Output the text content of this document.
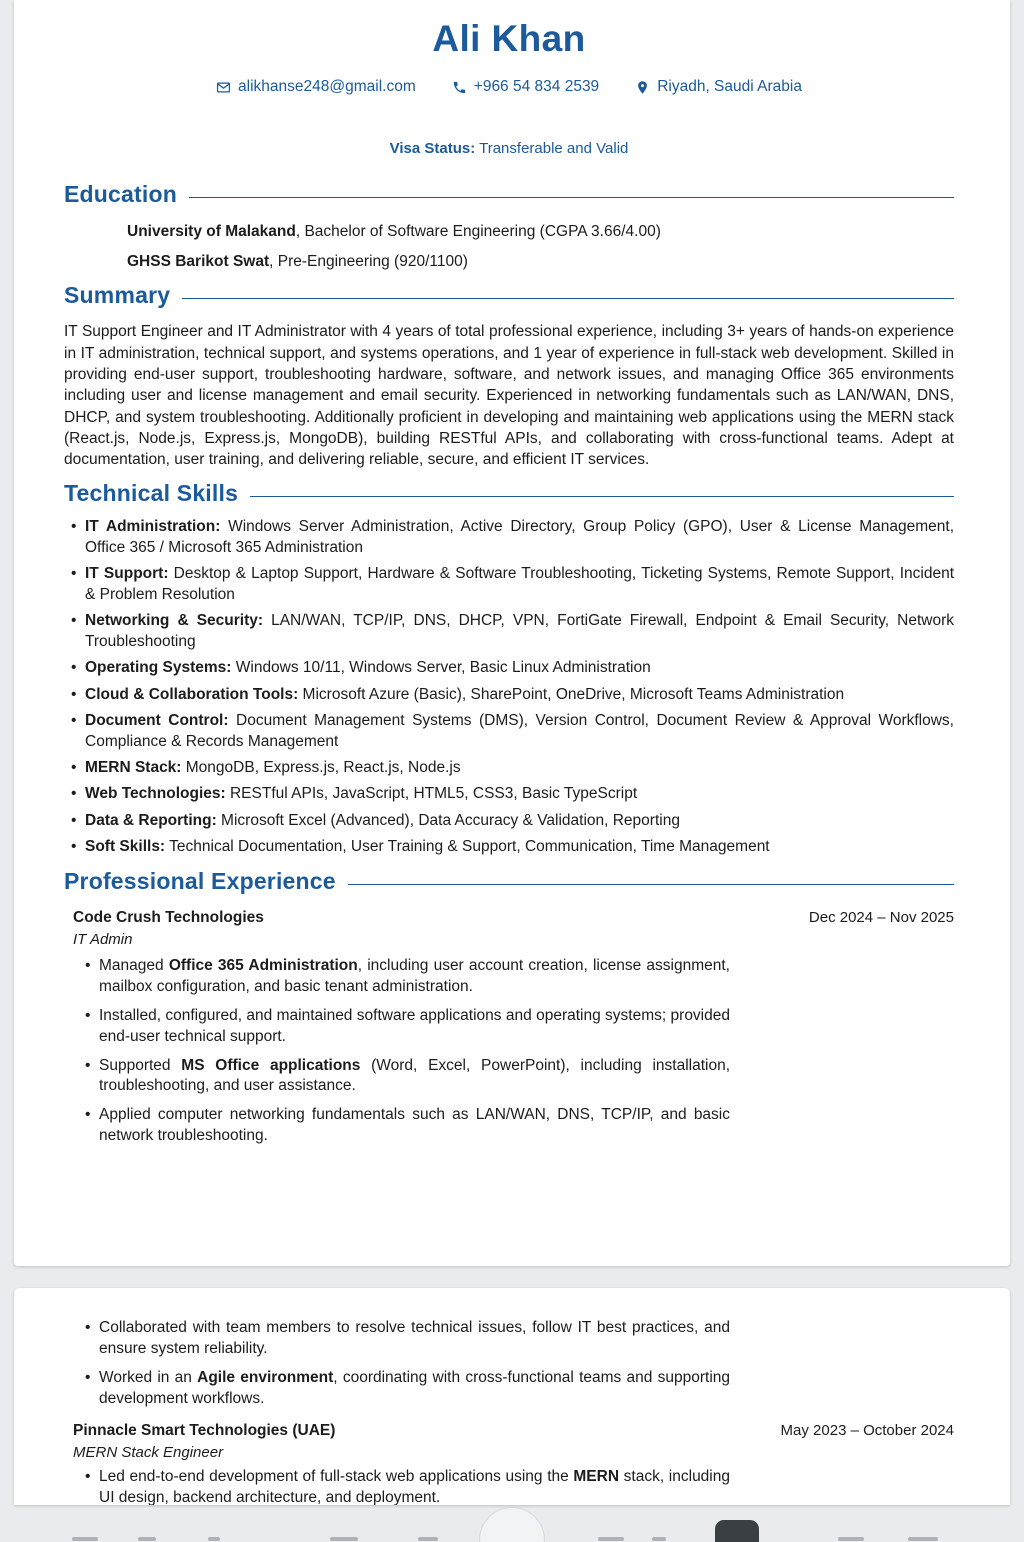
Ali Khan
alikhanse248@gmail.com	+966 54 834 2539	Riyadh, Saudi Arabia
Visa Status: Transferable and Valid
Education
University of Malakand, Bachelor of Software Engineering (CGPA 3.66/4.00)
GHSS Barikot Swat, Pre-Engineering (920/1100)
Summary

IT Support Engineer and IT Administrator with 4 years of total professional experience, including 3+ years of hands-on experience in IT administration, technical support, and systems operations, and 1 year of experience in full-stack web development. Skilled in providing end-user support, troubleshooting hardware, software, and network issues, and managing Office 365 environments including user and license management and email security. Experienced in networking fundamentals such as LAN/WAN, DNS, DHCP, and system troubleshooting. Additionally proficient in developing and maintaining web applications using the MERN stack (React.js, Node.js, Express.js, MongoDB), building RESTful APIs, and collaborating with cross-functional teams. Adept at documentation, user training, and delivering reliable, secure, and efficient IT services.

Technical Skills
• IT Administration: Windows Server Administration, Active Directory, Group Policy (GPO), User & License Management, Office 365 / Microsoft 365 Administration
• IT Support: Desktop & Laptop Support, Hardware & Software Troubleshooting, Ticketing Systems, Remote Support, Incident & Problem Resolution
• Networking & Security: LAN/WAN, TCP/IP, DNS, DHCP, VPN, FortiGate Firewall, Endpoint & Email Security, Network Troubleshooting
• Operating Systems: Windows 10/11, Windows Server, Basic Linux Administration
• Cloud & Collaboration Tools: Microsoft Azure (Basic), SharePoint, OneDrive, Microsoft Teams Administration
• Document Control: Document Management Systems (DMS), Version Control, Document Review & Approval Workflows, Compliance & Records Management
• MERN Stack: MongoDB, Express.js, React.js, Node.js
• Web Technologies: RESTful APIs, JavaScript, HTML5, CSS3, Basic TypeScript
• Data & Reporting: Microsoft Excel (Advanced), Data Accuracy & Validation, Reporting
• Soft Skills: Technical Documentation, User Training & Support, Communication, Time Management
Professional Experience
Code Crush Technologies	Dec 2024 – Nov 2025
IT Admin
• Managed Office 365 Administration, including user account creation, license assignment, mailbox configuration, and basic tenant administration.
• Installed, configured, and maintained software applications and operating systems; provided end-user technical support.
• Supported MS Office applications (Word, Excel, PowerPoint), including installation, troubleshooting, and user assistance.
• Applied computer networking fundamentals such as LAN/WAN, DNS, TCP/IP, and basic network troubleshooting.
• Collaborated with team members to resolve technical issues, follow IT best practices, and ensure system reliability.
• Worked in an Agile environment, coordinating with cross-functional teams and supporting development workflows.
Pinnacle Smart Technologies (UAE)	May 2023 – October 2024
MERN Stack Engineer
• Led end-to-end development of full-stack web applications using the MERN stack, including UI design, backend architecture, and deployment.
